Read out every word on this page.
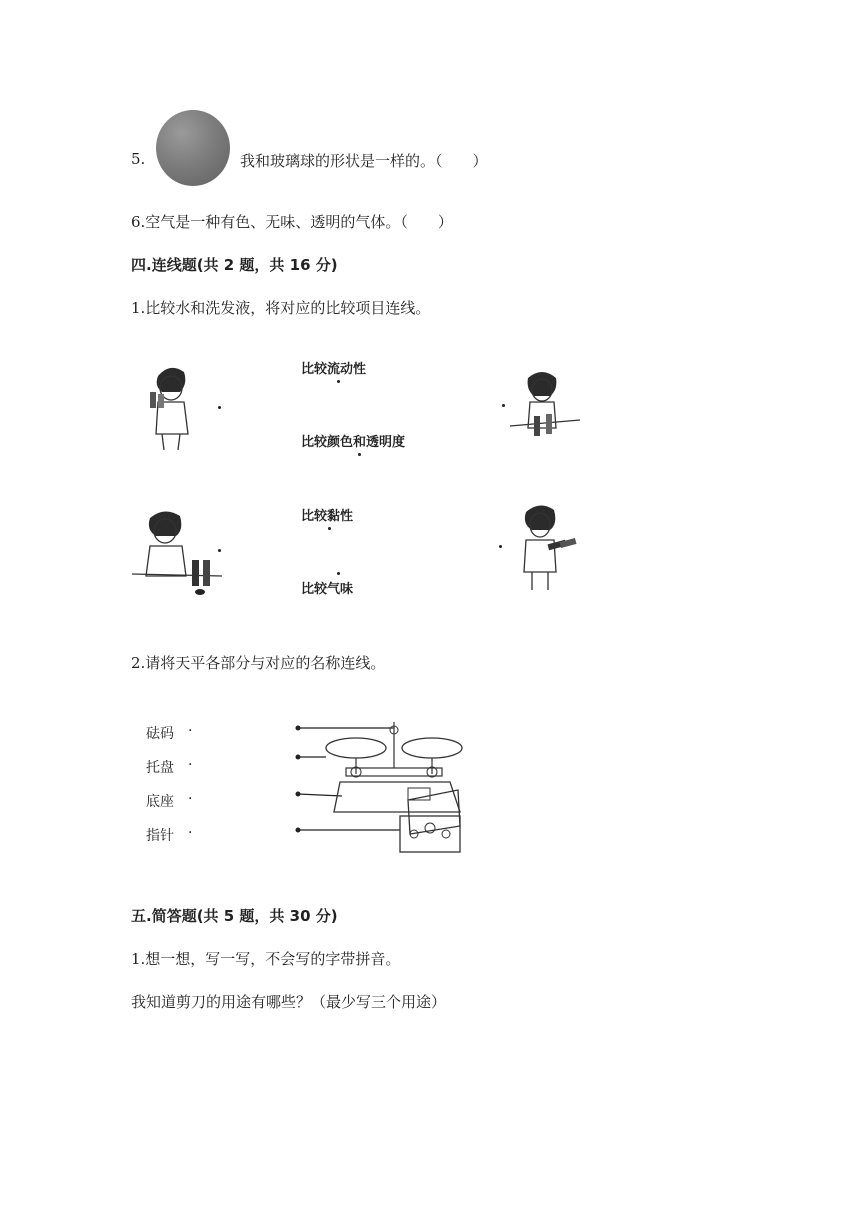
5.	我和玻璃球的形状是一样的。（　　）
6.空气是一种有色、无味、透明的气体。（　　）
四.连线题(共 2 题，共 16 分)
1.比较水和洗发液，将对应的比较项目连线。
比较流动性
比较颜色和透明度
比较黏性
比较气味
2.请将天平各部分与对应的名称连线。
砝码 ·
托盘 ·
底座 ·
指针 ·
五.简答题(共 5 题，共 30 分)
1.想一想，写一写，不会写的字带拼音。
我知道剪刀的用途有哪些？（最少写三个用途）
